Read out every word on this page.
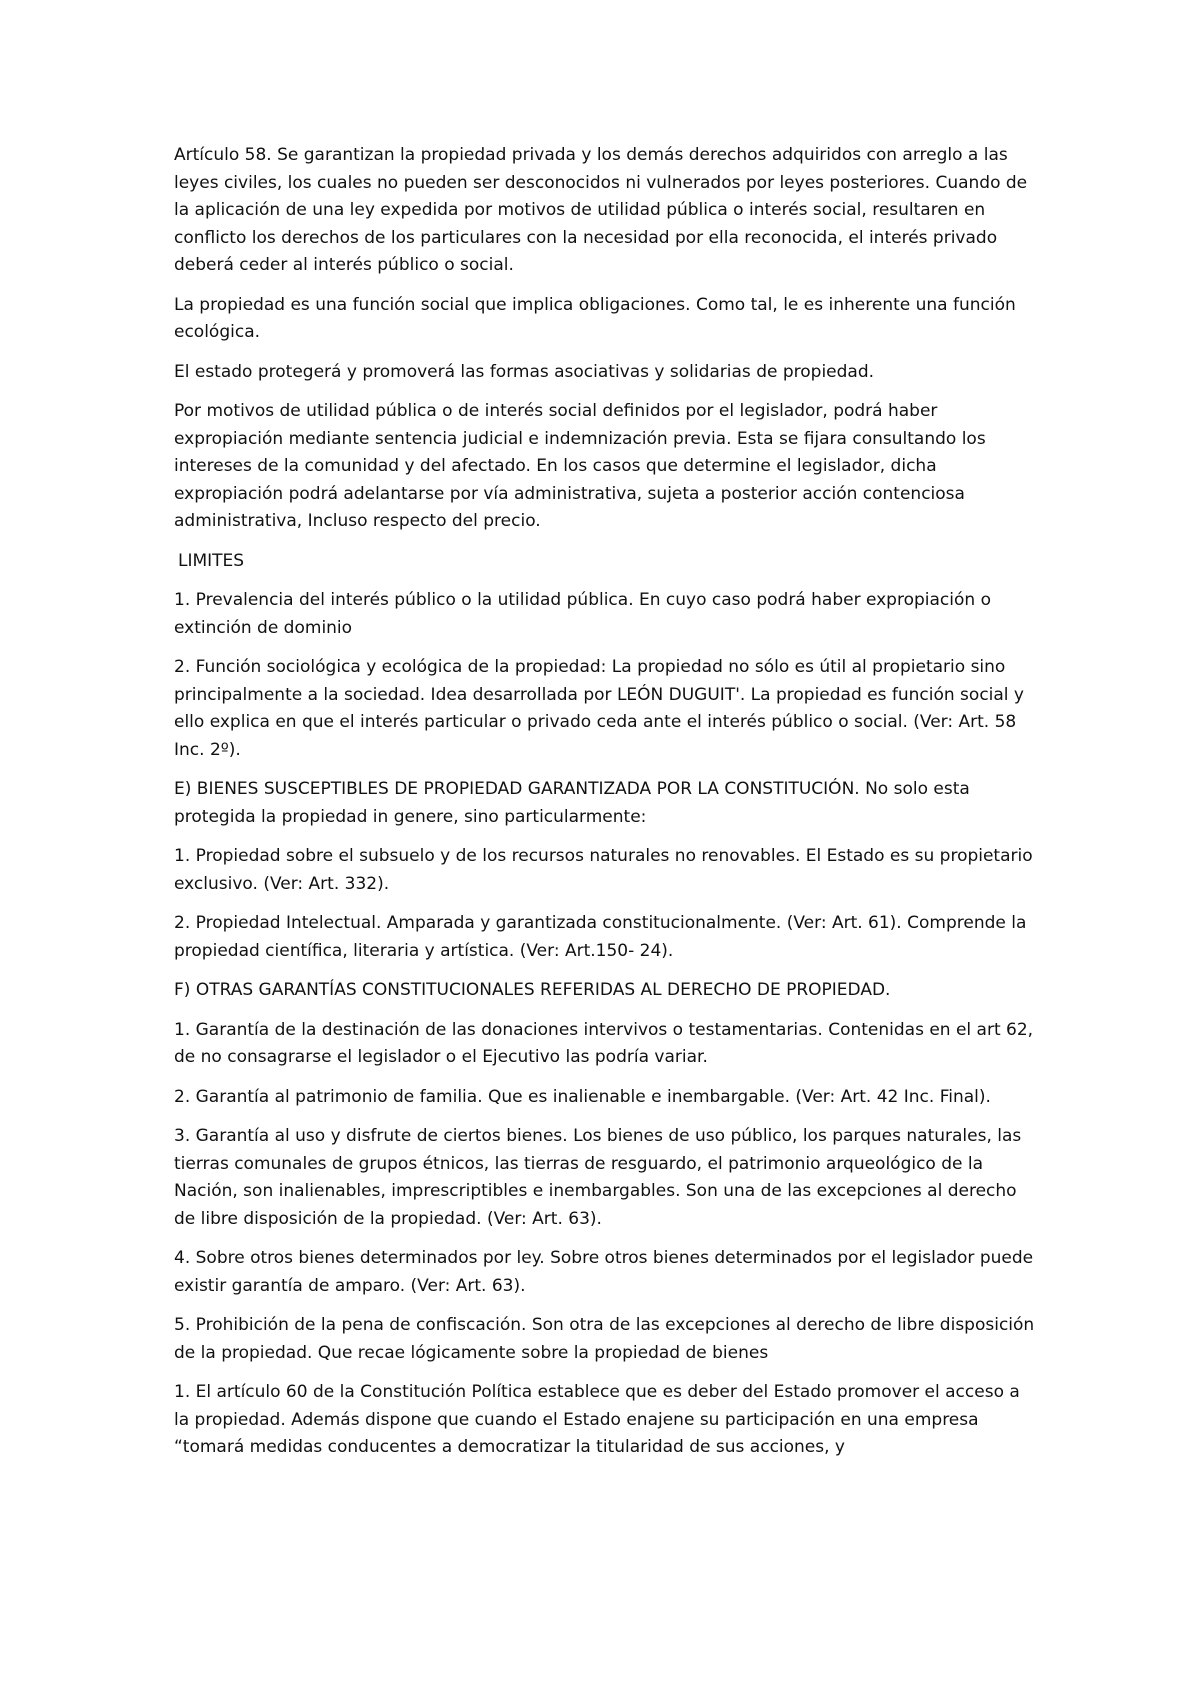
Artículo 58. Se garantizan la propiedad privada y los demás derechos adquiridos con arreglo a las leyes civiles, los cuales no pueden ser desconocidos ni vulnerados por leyes posteriores. Cuando de la aplicación de una ley expedida por motivos de utilidad pública o interés social, resultaren en conflicto los derechos de los particulares con la necesidad por ella reconocida, el interés privado deberá ceder al interés público o social.

La propiedad es una función social que implica obligaciones. Como tal, le es inherente una función ecológica.

El estado protegerá y promoverá las formas asociativas y solidarias de propiedad.

Por motivos de utilidad pública o de interés social definidos por el legislador, podrá haber expropiación mediante sentencia judicial e indemnización previa. Esta se fijara consultando los intereses de la comunidad y del afectado. En los casos que determine el legislador, dicha expropiación podrá adelantarse por vía administrativa, sujeta a posterior acción contenciosa administrativa, Incluso respecto del precio.

LIMITES

1. Prevalencia del interés público o la utilidad pública. En cuyo caso podrá haber expropiación o extinción de dominio

2. Función sociológica y ecológica de la propiedad: La propiedad no sólo es útil al propietario sino principalmente a la sociedad. Idea desarrollada por LEÓN DUGUIT'. La propiedad es función social y ello explica en que el interés particular o privado ceda ante el interés público o social. (Ver: Art. 58 Inc. 2º).

E) BIENES SUSCEPTIBLES DE PROPIEDAD GARANTIZADA POR LA CONSTITUCIÓN. No solo esta protegida la propiedad in genere, sino particularmente:

1. Propiedad sobre el subsuelo y de los recursos naturales no renovables. El Estado es su propietario exclusivo. (Ver: Art. 332).

2. Propiedad Intelectual. Amparada y garantizada constitucionalmente. (Ver: Art. 61). Comprende la propiedad científica, literaria y artística. (Ver: Art.150- 24).

F) OTRAS GARANTÍAS CONSTITUCIONALES REFERIDAS AL DERECHO DE PROPIEDAD.

1. Garantía de la destinación de las donaciones intervivos o testamentarias. Contenidas en el art 62, de no consagrarse el legislador o el Ejecutivo las podría variar.

2. Garantía al patrimonio de familia. Que es inalienable e inembargable. (Ver: Art. 42 Inc. Final).

3. Garantía al uso y disfrute de ciertos bienes. Los bienes de uso público, los parques naturales, las tierras comunales de grupos étnicos, las tierras de resguardo, el patrimonio arqueológico de la Nación, son inalienables, imprescriptibles e inembargables. Son una de las excepciones al derecho de libre disposición de la propiedad. (Ver: Art. 63).

4. Sobre otros bienes determinados por ley. Sobre otros bienes determinados por el legislador puede existir garantía de amparo. (Ver: Art. 63).

5. Prohibición de la pena de confiscación. Son otra de las excepciones al derecho de libre disposición de la propiedad. Que recae lógicamente sobre la propiedad de bienes

1. El artículo 60 de la Constitución Política establece que es deber del Estado promover el acceso a la propiedad. Además dispone que cuando el Estado enajene su participación en una empresa “tomará medidas conducentes a democratizar la titularidad de sus acciones, y
